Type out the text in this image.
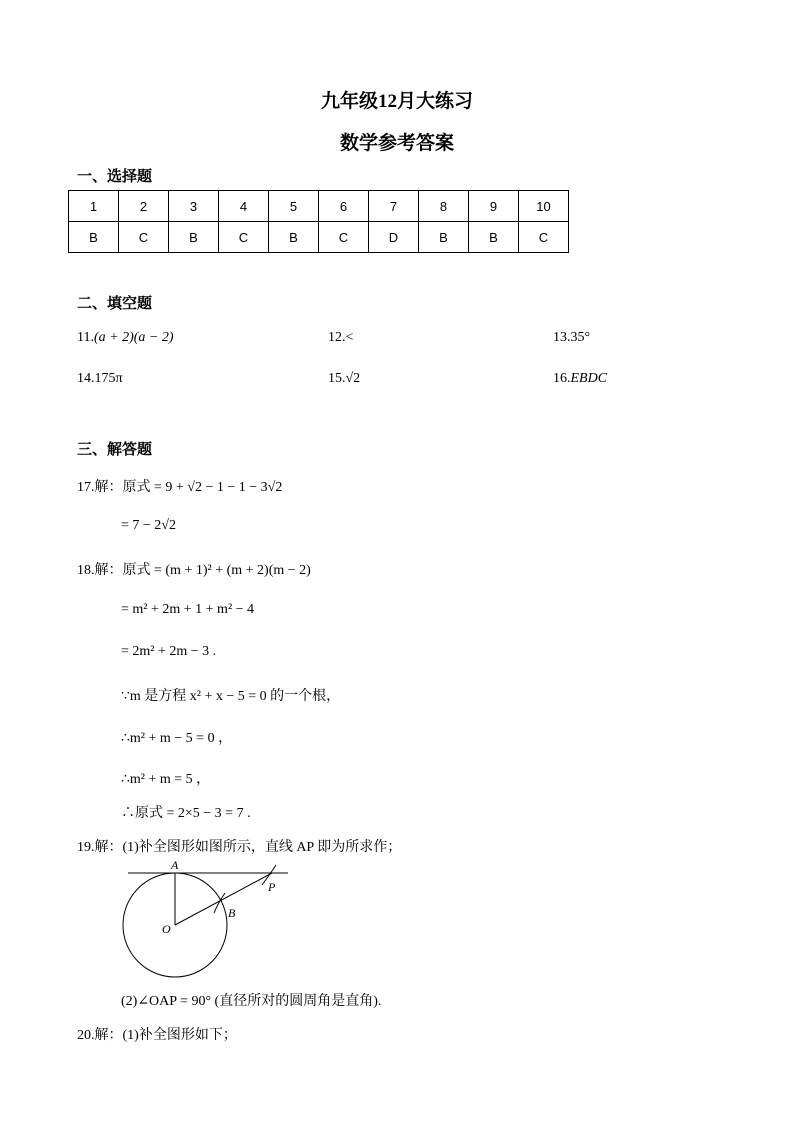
九年级12月大练习
数学参考答案
一、选择题
1	2	3	4	5	6	7	8	9	10
B	C	B	C	B	C	D	B	B	C
二、填空题
11.(a + 2)(a − 2)	12.<	13.35°
14.175π	15.√2	16.EBDC
三、解答题
17.解：原式 = 9 + √2 − 1 − 1 − 3√2
= 7 − 2√2
18.解：原式 = (m + 1)² + (m + 2)(m − 2)
= m² + 2m + 1 + m² − 4
= 2m² + 2m − 3 .
∵m 是方程 x² + x − 5 = 0 的一个根，
∴m² + m − 5 = 0 ，
∴m² + m = 5 ，
∴原式 = 2×5 − 3 = 7 .
19.解：(1)补全图形如图所示，直线 AP 即为所求作；
A
B
O
P
(2)∠OAP = 90° (直径所对的圆周角是直角).
20.解：(1)补全图形如下；
